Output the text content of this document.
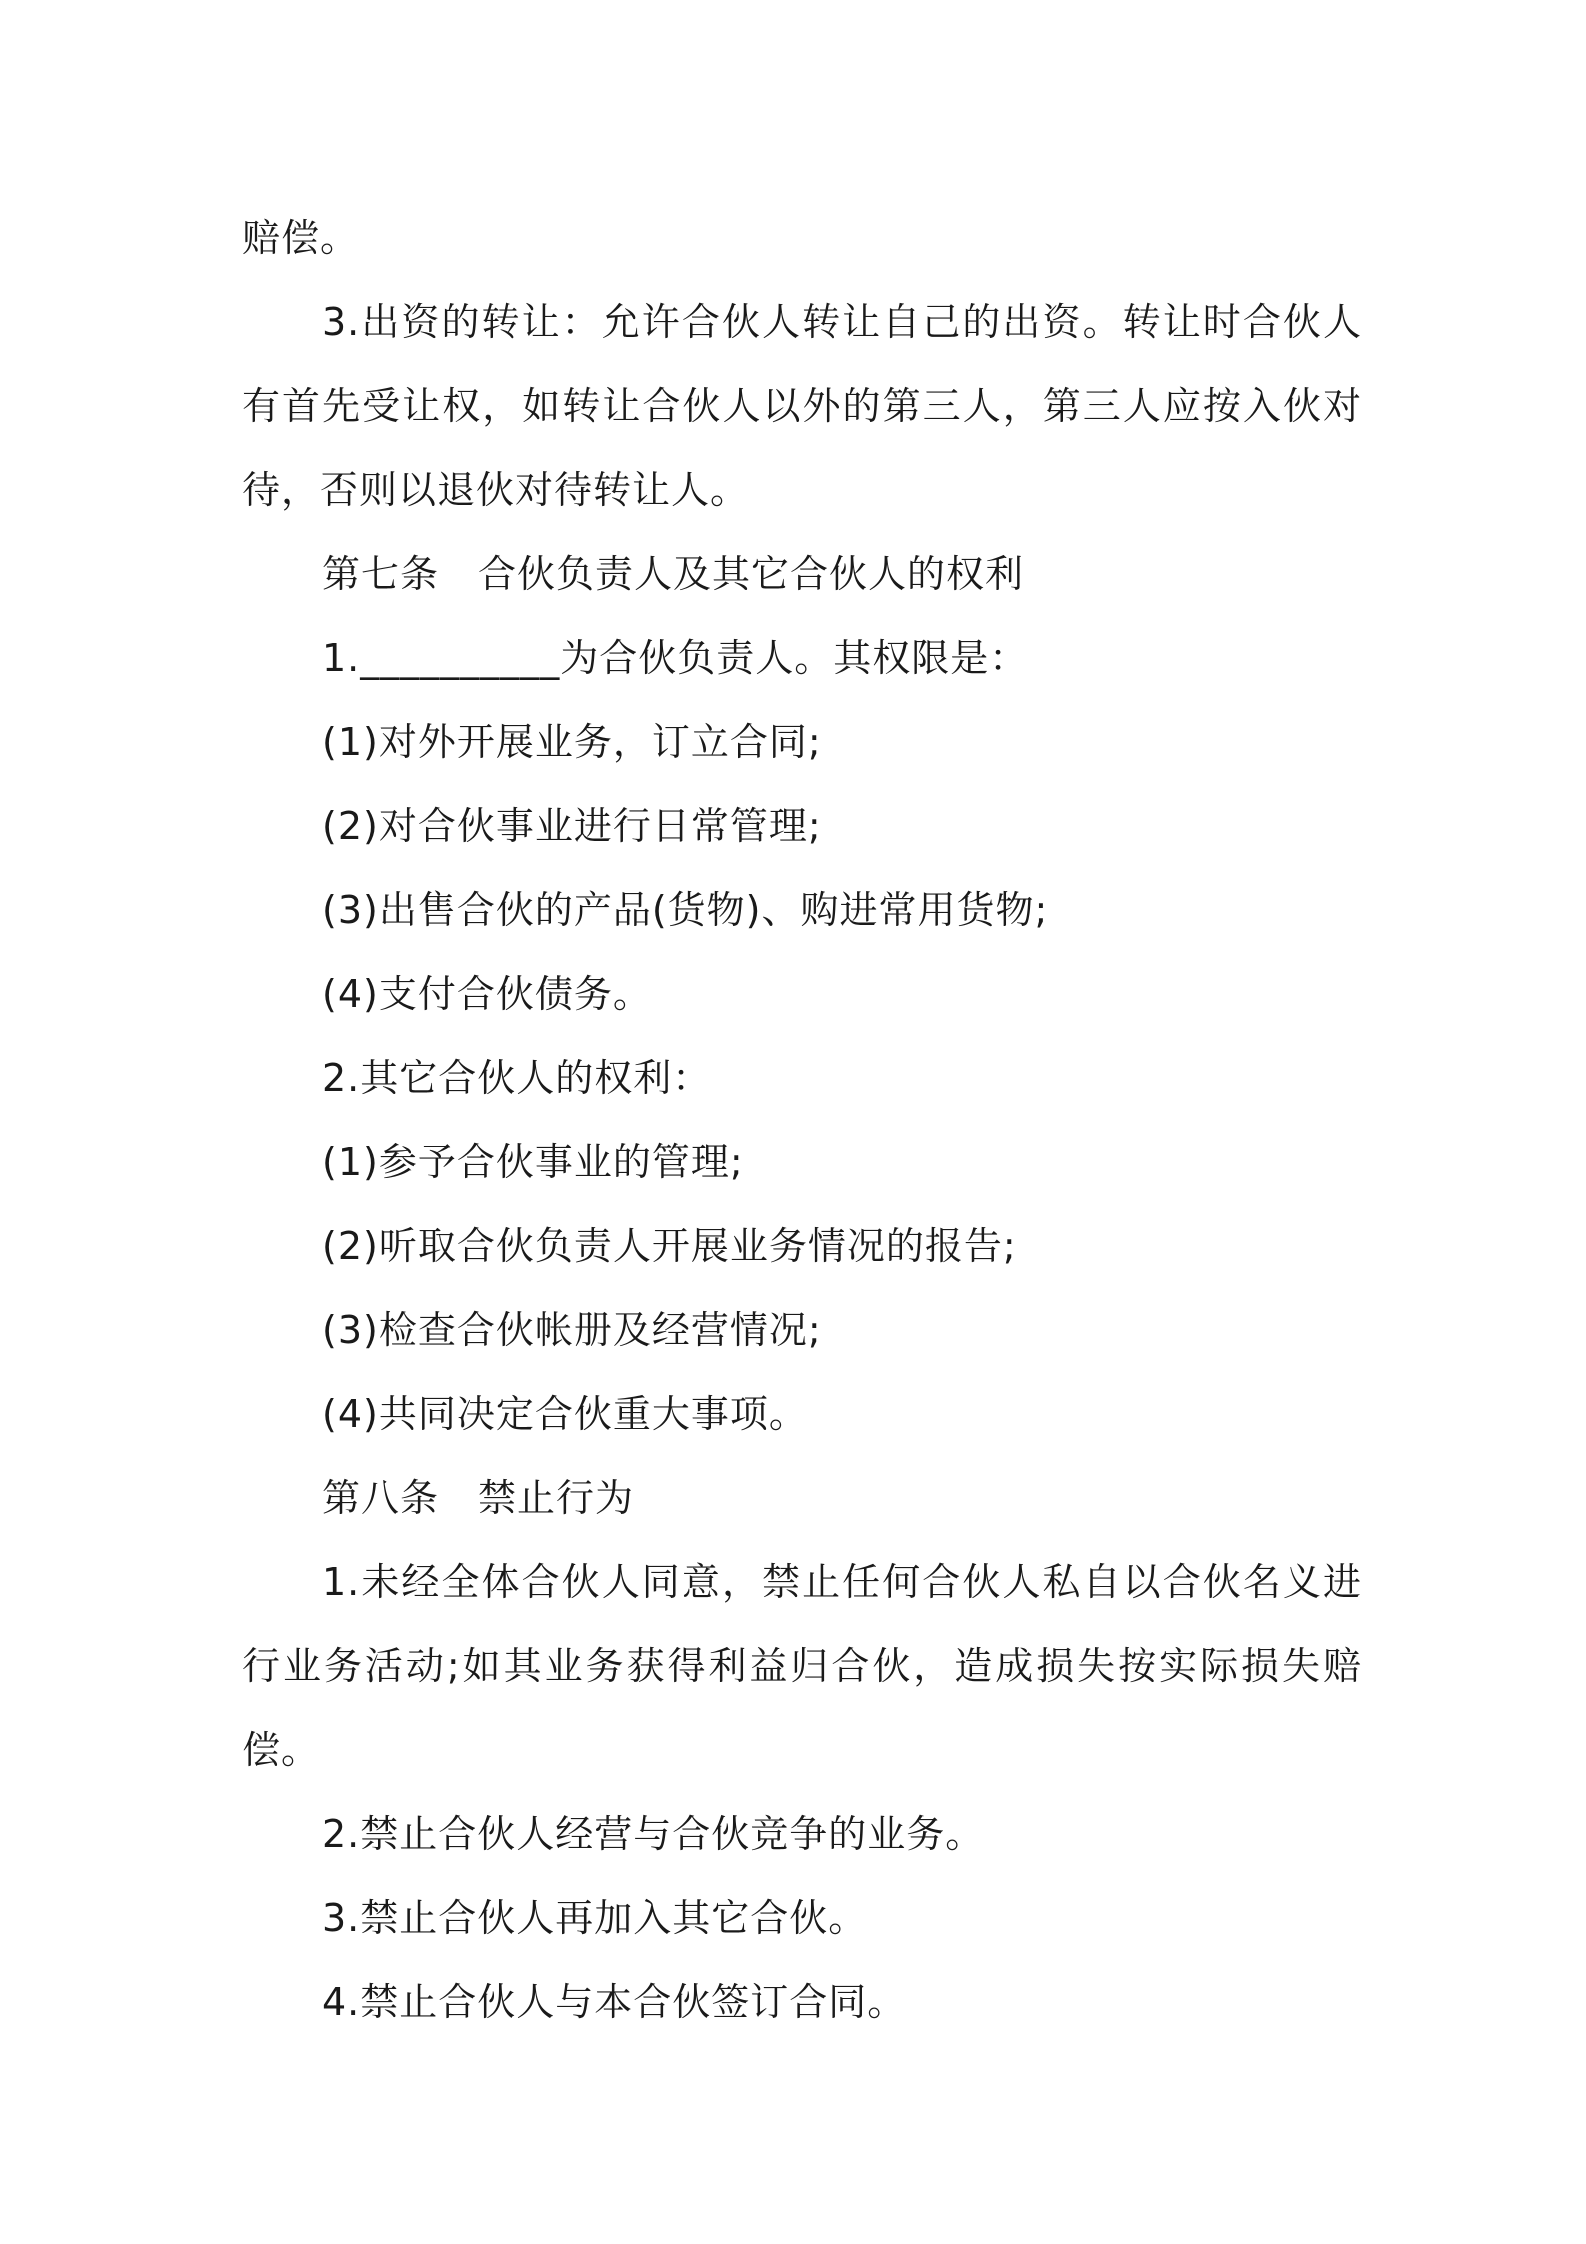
赔偿。

3.出资的转让：允许合伙人转让自己的出资。转让时合伙人有首先受让权，如转让合伙人以外的第三人，第三人应按入伙对待，否则以退伙对待转让人。

第七条　合伙负责人及其它合伙人的权利

1.__________为合伙负责人。其权限是：

(1)对外开展业务，订立合同;

(2)对合伙事业进行日常管理;

(3)出售合伙的产品(货物)、购进常用货物;

(4)支付合伙债务。

2.其它合伙人的权利：

(1)参予合伙事业的管理;

(2)听取合伙负责人开展业务情况的报告;

(3)检查合伙帐册及经营情况;

(4)共同决定合伙重大事项。

第八条　禁止行为

1.未经全体合伙人同意，禁止任何合伙人私自以合伙名义进行业务活动;如其业务获得利益归合伙，造成损失按实际损失赔偿。

2.禁止合伙人经营与合伙竞争的业务。

3.禁止合伙人再加入其它合伙。

4.禁止合伙人与本合伙签订合同。
